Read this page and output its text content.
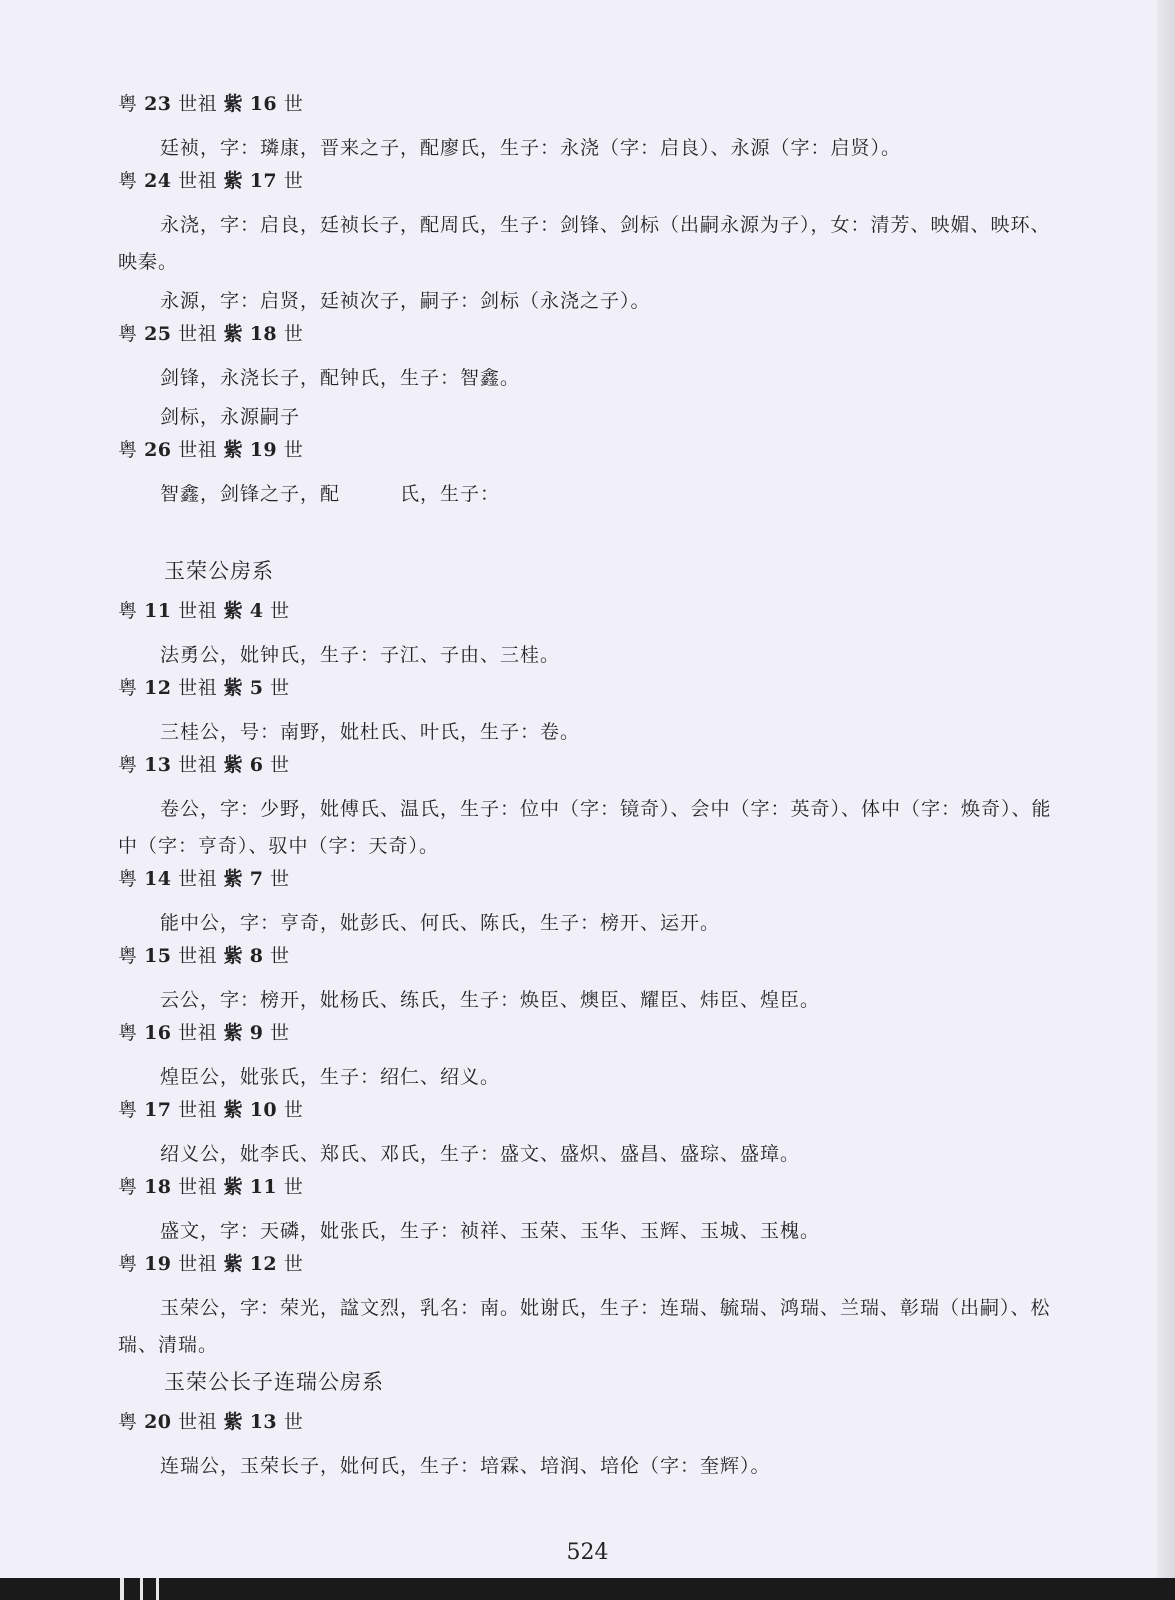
粤 23 世祖 紫 16 世
廷祯，字：璘康，晋来之子，配廖氏，生子：永浇（字：启良）、永源（字：启贤）。
粤 24 世祖 紫 17 世
永浇，字：启良，廷祯长子，配周氏，生子：剑锋、剑标（出嗣永源为子），女：清芳、映媚、映环、映秦。
永源，字：启贤，廷祯次子，嗣子：剑标（永浇之子）。
粤 25 世祖 紫 18 世
剑锋，永浇长子，配钟氏，生子：智鑫。
剑标，永源嗣子
粤 26 世祖 紫 19 世
智鑫，剑锋之子，配　　　氏，生子：
玉荣公房系
粤 11 世祖 紫 4 世
法勇公，妣钟氏，生子：子江、子由、三桂。
粤 12 世祖 紫 5 世
三桂公，号：南野，妣杜氏、叶氏，生子：卷。
粤 13 世祖 紫 6 世
卷公，字：少野，妣傅氏、温氏，生子：位中（字：镜奇）、会中（字：英奇）、体中（字：焕奇）、能中（字：亨奇）、驭中（字：天奇）。
粤 14 世祖 紫 7 世
能中公，字：亨奇，妣彭氏、何氏、陈氏，生子：榜开、运开。
粤 15 世祖 紫 8 世
云公，字：榜开，妣杨氏、练氏，生子：焕臣、燠臣、耀臣、炜臣、煌臣。
粤 16 世祖 紫 9 世
煌臣公，妣张氏，生子：绍仁、绍义。
粤 17 世祖 紫 10 世
绍义公，妣李氏、郑氏、邓氏，生子：盛文、盛炽、盛昌、盛琮、盛璋。
粤 18 世祖 紫 11 世
盛文，字：天磷，妣张氏，生子：祯祥、玉荣、玉华、玉辉、玉城、玉槐。
粤 19 世祖 紫 12 世
玉荣公，字：荣光，諡文烈，乳名：南。妣谢氏，生子：连瑞、毓瑞、鸿瑞、兰瑞、彰瑞（出嗣）、松瑞、清瑞。
玉荣公长子连瑞公房系
粤 20 世祖 紫 13 世
连瑞公，玉荣长子，妣何氏，生子：培霖、培润、培伦（字：奎辉）。
524
